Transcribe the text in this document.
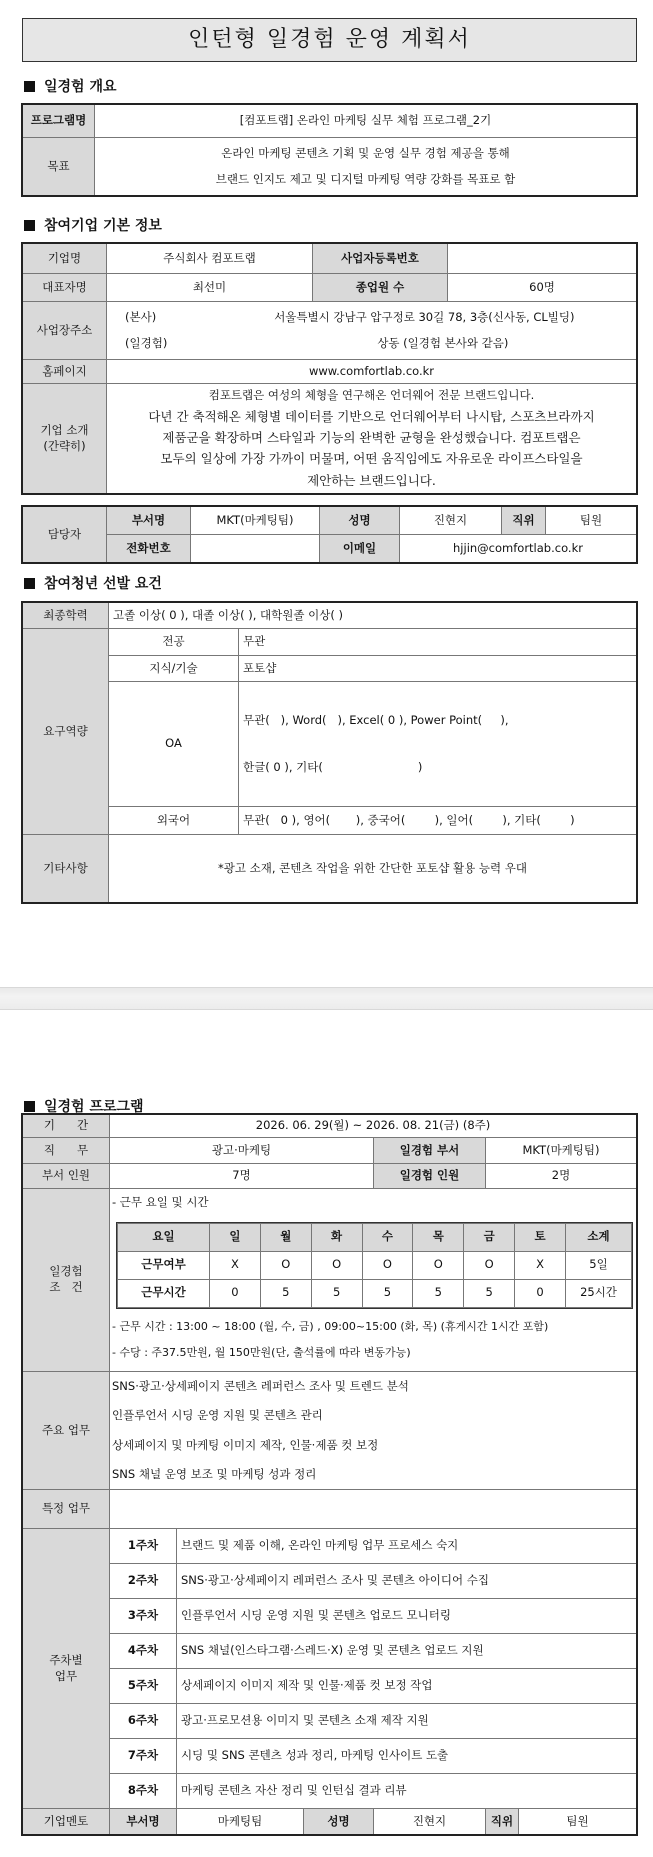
인턴형 일경험 운영 계획서
일경험 개요
프로그램명	[컴포트랩] 온라인 마케팅 실무 체험 프로그램_2기
목표	온라인 마케팅 콘텐츠 기획 및 운영 실무 경험 제공을 통해
브랜드 인지도 제고 및 디지털 마케팅 역량 강화를 목표로 함
참여기업 기본 정보
기업명	주식회사 컴포트랩	사업자등록번호	
대표자명	최선미	종업원 수	60명
사업장주소	(본사) 서울특별시 강남구 압구정로 30길 78, 3층(신사동, CL빌딩)
(일경험) 상동 (일경험 본사와 같음)		

홈페이지	www.comfortlab.co.kr		

기업 소개
(간략히)	컴포트랩은 여성의 체형을 연구해온 언더웨어 전문 브랜드입니다.
다년 간 축적해온 체형별 데이터를 기반으로 언더웨어부터 나시탑, 스포츠브라까지
제품군을 확장하며 스타일과 기능의 완벽한 균형을 완성했습니다. 컴포트랩은
모두의 일상에 가장 가까이 머물며, 어떤 움직임에도 자유로운 라이프스타일을
제안하는 브랜드입니다.		
담당자	부서명	MKT(마케팅팀)	성명	진현지	직위	팀원
	전화번호		이메일	hjjin@comfortlab.co.kr		
참여청년 선발 요건
최종학력	고졸 이상( 0 ), 대졸 이상( ), 대학원졸 이상( )	
요구역량	전공	무관
	지식/기술	포토샵
	OA	무관(   ), Word(   ), Excel( 0 ), Power Point(     ),

한글( 0 ), 기타(                          )

	외국어	무관(   0 ), 영어(       ), 중국어(        ), 일어(        ), 기타(        )
기타사항	*광고 소재, 콘텐츠 작업을 위한 간단한 포토샵 활용 능력 우대	
일경험 프로그램
기      간	2026. 06. 29(월) ~ 2026. 08. 21(금) (8주)
직      무	광고·마케팅	일경험 부서	MKT(마케팅팀)
부서 인원	7명	일경험 인원	2명

일경험
조   건

- 근무 요일 및 시간
요일	일	월	화	수	목	금	토	소계
근무여부	X	O	O	O	O	O	X	5일
근무시간	0	5	5	5	5	5	0	25시간
- 근무 시간 : 13:00 ~ 18:00 (월, 수, 금) , 09:00~15:00 (화, 목) (휴게시간 1시간 포함)
- 수당 : 주37.5만원, 월 150만원(단, 출석률에 따라 변동가능)

주요 업무	
SNS·광고·상세페이지 콘텐츠 레퍼런스 조사 및 트렌드 분석
인플루언서 시딩 운영 지원 및 콘텐츠 관리
상세페이지 및 마케팅 이미지 제작, 인물·제품 컷 보정
SNS 채널 운영 보조 및 마케팅 성과 정리

특정 업무	

주차별
업무
	1주차	브랜드 및 제품 이해, 온라인 마케팅 업무 프로세스 숙지
2주차	SNS·광고·상세페이지 레퍼런스 조사 및 콘텐츠 아이디어 수집
3주차	인플루언서 시딩 운영 지원 및 콘텐츠 업로드 모니터링
4주차	SNS 채널(인스타그램·스레드·X) 운영 및 콘텐츠 업로드 지원
5주차	상세페이지 이미지 제작 및 인물·제품 컷 보정 작업
6주차	광고·프로모션용 이미지 및 콘텐츠 소재 제작 지원
7주차	시딩 및 SNS 콘텐츠 성과 정리, 마케팅 인사이트 도출
8주차	마케팅 콘텐츠 자산 정리 및 인턴십 결과 리뷰
기업멘토	부서명	마케팅팀	성명	진현지	직위	팀원
